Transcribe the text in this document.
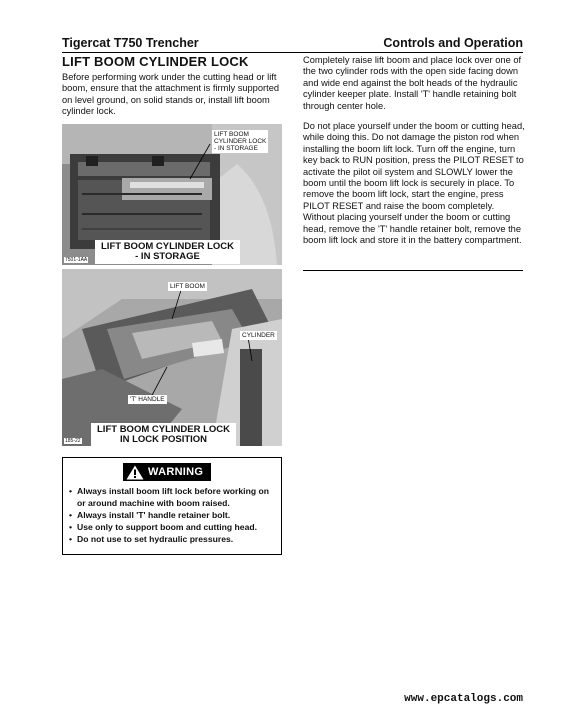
Tigercat T750 Trencher	Controls and Operation
LIFT BOOM CYLINDER LOCK
Before performing work under the cutting head or lift boom, ensure that the attachment is firmly supported on level ground, on solid stands or, install lift boom cylinder lock.

Completely raise lift boom and place lock over one of the two cylinder rods with the open side facing down and wide end against the bolt heads of the hydraulic cylinder keeper plate. Install 'T' handle retaining bolt through center hole.

Do not place yourself under the boom or cutting head, while doing this. Do not damage the piston rod when installing the boom lift lock. Turn off the engine, turn key back to RUN position, press the PILOT RESET to activate the pilot oil system and SLOWLY lower the boom until the boom lift lock is securely in place. To remove the boom lift lock, start the engine, press PILOT RESET and raise the boom completely. Without placing yourself under the boom or cutting head, remove the 'T' handle retainer bolt, remove the boom lift lock and store it in the battery compartment.

LIFT BOOM
CYLINDER LOCK
- IN STORAGE
LIFT BOOM CYLINDER LOCK
- IN STORAGE
7501-1AA
LIFT BOOM
CYLINDER
'T' HANDLE
LIFT BOOM CYLINDER LOCK
IN LOCK POSITION
185-22
WARNING
• Always install boom lift lock before working on or around machine with boom raised.
• Always install 'T' handle retainer bolt.
• Use only to support boom and cutting head.
• Do not use to set hydraulic pressures.
www.epcatalogs.com
